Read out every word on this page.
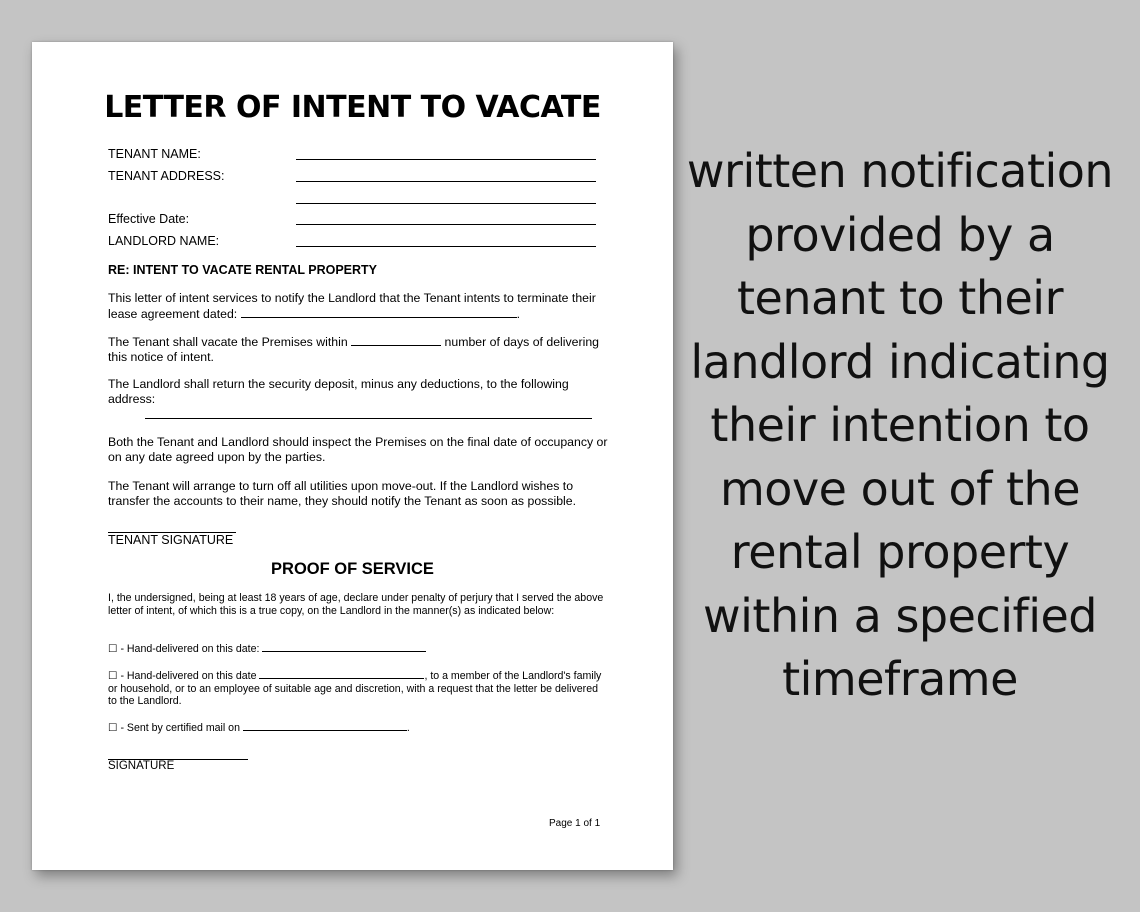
LETTER OF INTENT TO VACATE
TENANT NAME:
TENANT ADDRESS:
Effective Date:
LANDLORD NAME:
RE: INTENT TO VACATE RENTAL PROPERTY
This letter of intent services to notify the Landlord that the Tenant intents to terminate their lease agreement dated:	.
The Tenant shall vacate the Premises within	number of days of delivering this notice of intent.
The Landlord shall return the security deposit, minus any deductions, to the following address:
Both the Tenant and Landlord should inspect the Premises on the final date of occupancy or on any date agreed upon by the parties.
The Tenant will arrange to turn off all utilities upon move-out. If the Landlord wishes to transfer the accounts to their name, they should notify the Tenant as soon as possible.
TENANT SIGNATURE
PROOF OF SERVICE
I, the undersigned, being at least 18 years of age, declare under penalty of perjury that I served the above letter of intent, of which this is a true copy, on the Landlord in the manner(s) as indicated below:
☐ - Hand-delivered on this date:
☐ - Hand-delivered on this date	, to a member of the Landlord's family or household, or to an employee of suitable age and discretion, with a request that the letter be delivered to the Landlord.
☐ - Sent by certified mail on	.
SIGNATURE
Page 1 of 1
written notification provided by a tenant to their landlord indicating their intention to move out of the rental property within a specified timeframe
